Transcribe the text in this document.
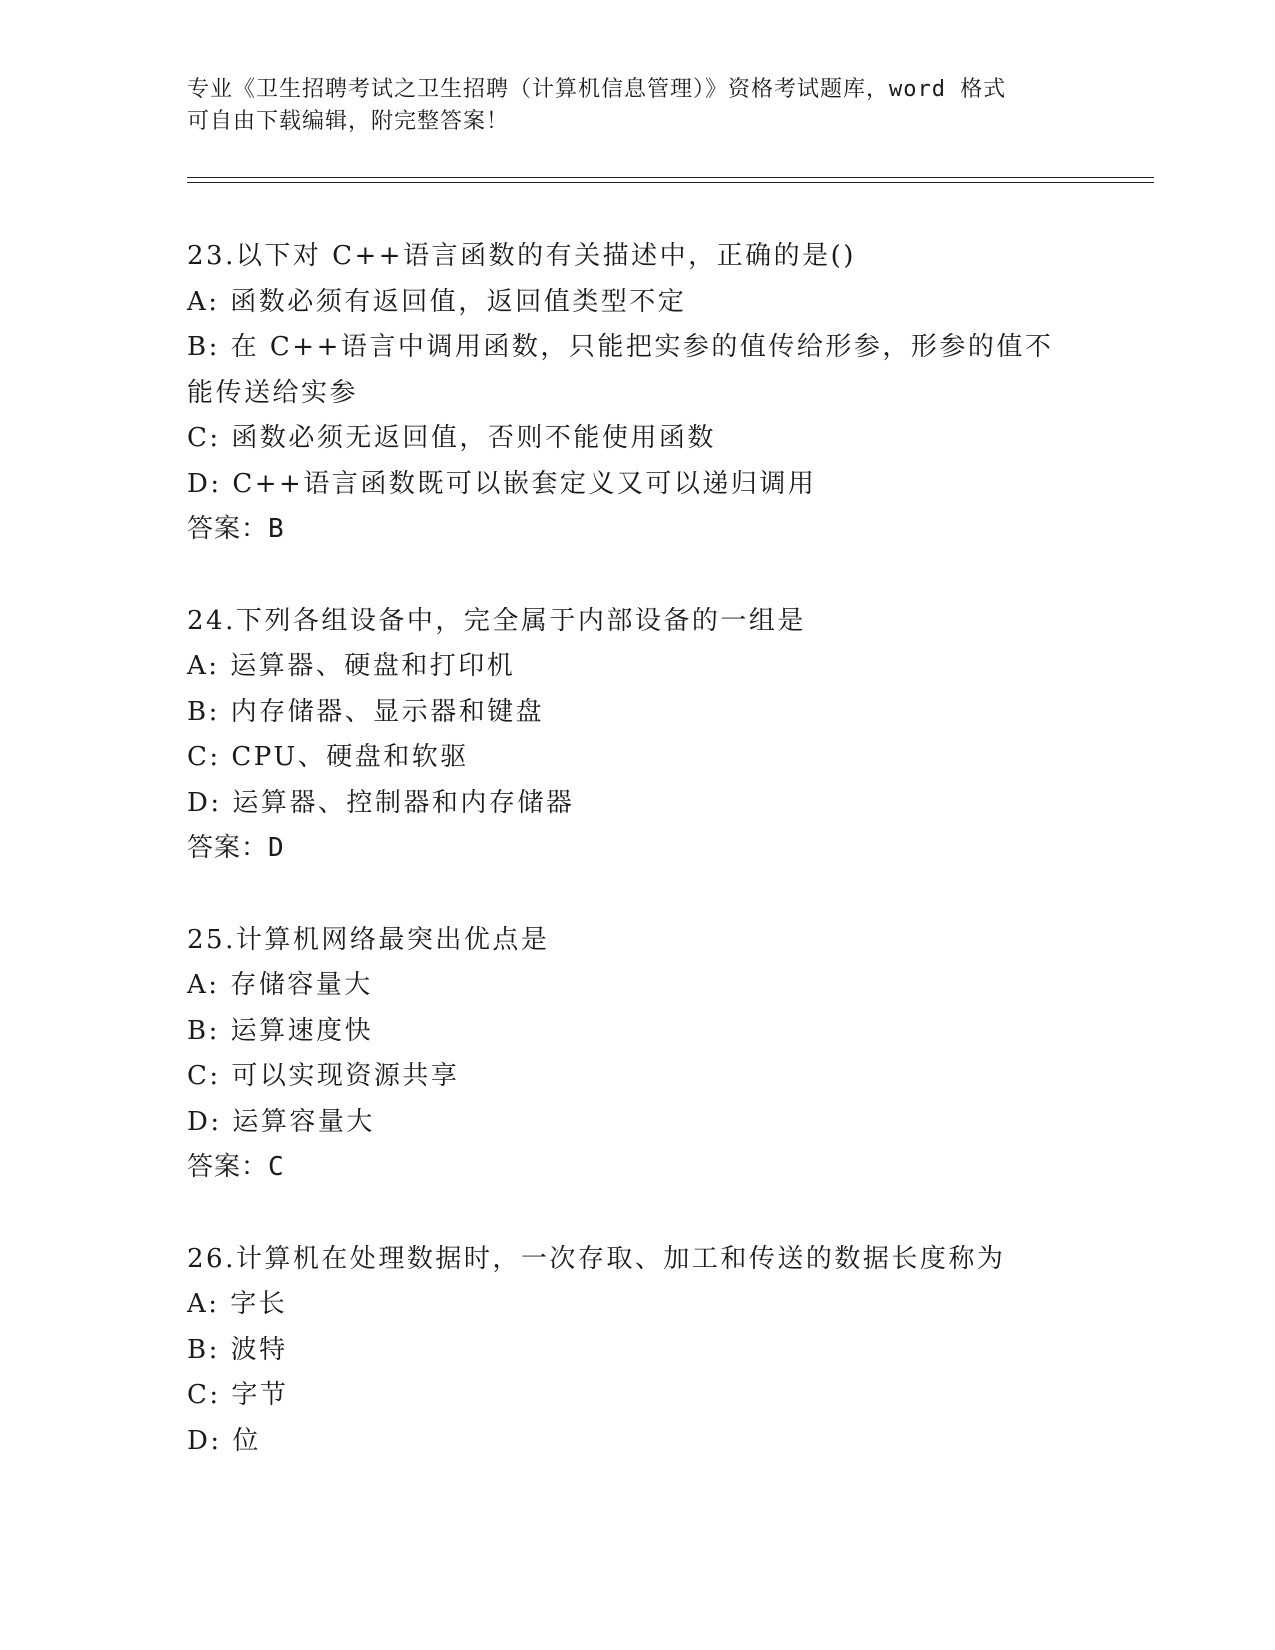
专业《卫生招聘考试之卫生招聘（计算机信息管理）》资格考试题库，word 格式
可自由下载编辑，附完整答案！
23.以下对 C++语言函数的有关描述中，正确的是()
A: 函数必须有返回值，返回值类型不定
B: 在 C++语言中调用函数，只能把实参的值传给形参，形参的值不能传送给实参
C: 函数必须无返回值，否则不能使用函数
D: C++语言函数既可以嵌套定义又可以递归调用
答案：B
24.下列各组设备中，完全属于内部设备的一组是
A: 运算器、硬盘和打印机
B: 内存储器、显示器和键盘
C: CPU、硬盘和软驱
D: 运算器、控制器和内存储器
答案：D
25.计算机网络最突出优点是
A: 存储容量大
B: 运算速度快
C: 可以实现资源共享
D: 运算容量大
答案：C
26.计算机在处理数据时，一次存取、加工和传送的数据长度称为
A: 字长
B: 波特
C: 字节
D: 位
